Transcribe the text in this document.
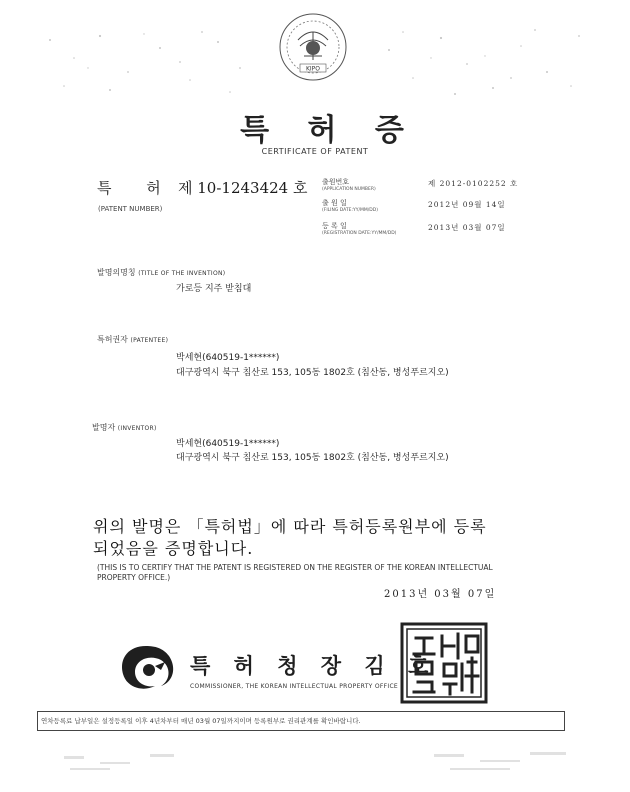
KIPO
특 허 증
CERTIFICATE OF PATENT
특 허 제 10-1243424 호
(PATENT NUMBER)
출원번호
(APPLICATION NUMBER)
제 2012-0102252 호
출 원 일
(FILING DATE:YY/MM/DD)
2012년 09월 14일
등 록 일
(REGISTRATION DATE:YY/MM/DD)
2013년 03월 07일
발명의명칭 (TITLE OF THE INVENTION)
가로등 지주 받침대
특허권자 (PATENTEE)
박세현(640519-1******)
대구광역시 북구 침산로 153, 105동 1802호 (침산동, 병성푸르지오)
발명자 (INVENTOR)
박세현(640519-1******)
대구광역시 북구 침산로 153, 105동 1802호 (침산동, 병성푸르지오)
위의 발명은 「특허법」에 따라 특허등록원부에 등록
되었음을 증명합니다.
(THIS IS TO CERTIFY THAT THE PATENT IS REGISTERED ON THE REGISTER OF THE KOREAN INTELLECTUAL PROPERTY OFFICE.)
2013년 03월 07일
특 허 청 장 김 호
COMMISSIONER, THE KOREAN INTELLECTUAL PROPERTY OFFICE
특허청장인
연차등록료 납부일은 설정등록일 이후 4년차부터 매년 03월 07일까지이며 등록원부로 권리관계를 확인바랍니다.
